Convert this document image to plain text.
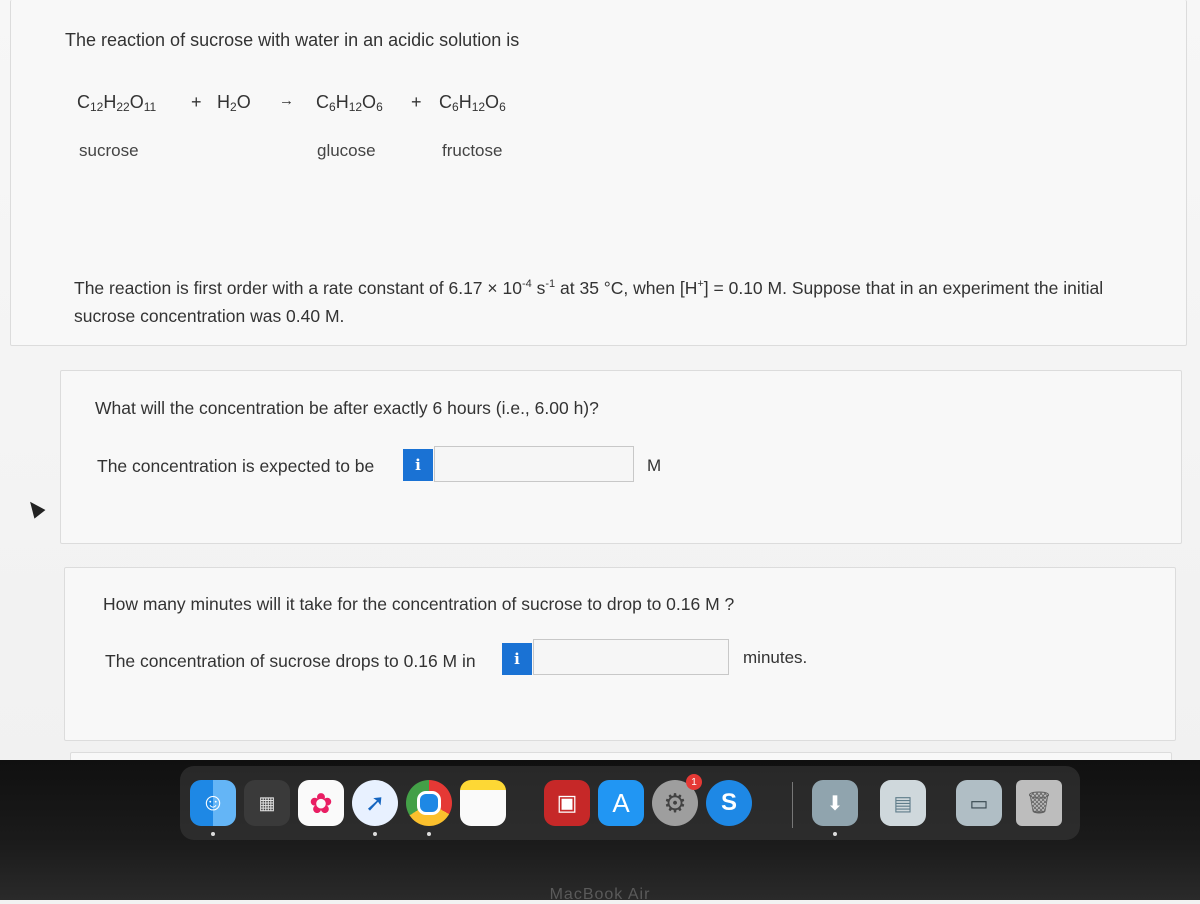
The reaction of sucrose with water in an acidic solution is
$C_{12}H_{22}O_{11} + H_2O \to C_6H_{12}O_6 + C_6H_{12}O_6$
sucrose	glucose	fructose
The reaction is first order with a rate constant of $6.17 \times 10^{-4}$ $s^{-1}$ at 35 °C, when [H+] = 0.10 M. Suppose that in an experiment the initial
sucrose concentration was 0.40 M.
What will the concentration be after exactly 6 hours (i.e., 6.00 h)?
The concentration is expected to be	i	M
How many minutes will it take for the concentration of sucrose to drop to 0.16 M ?
The concentration of sucrose drops to 0.16 M in	i	minutes.
☺	▦	✿	➚	▣	A	⚙
1
S	⬇	▤	▭	🗑
MacBook Air
